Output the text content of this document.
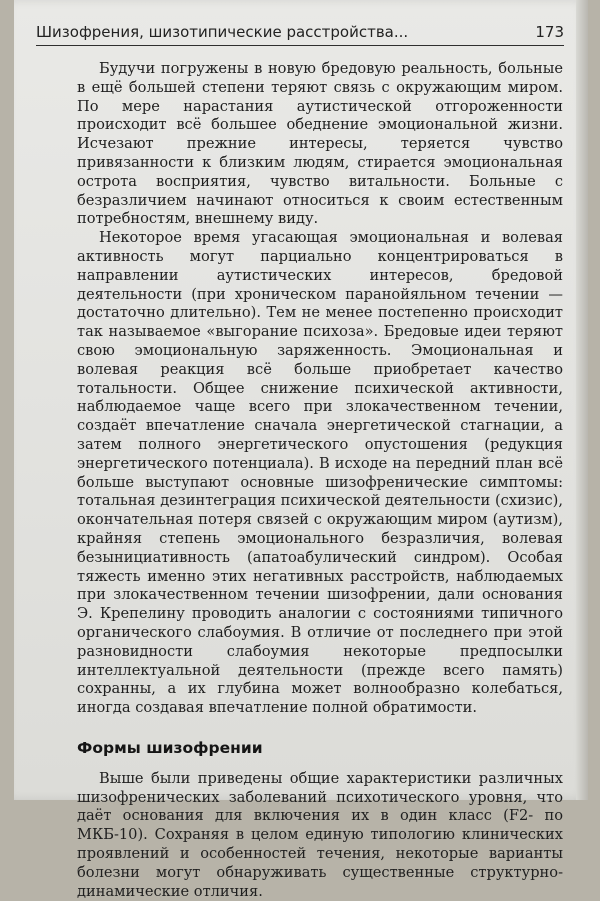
Шизофрения, шизотипические расстройства...	173

Будучи погружены в новую бредовую реальность, больные в ещё большей степени теряют связь с окружающим миром. По мере нарастания аутистической отгороженности происходит всё большее обеднение эмоциональной жизни. Исчезают прежние интересы, теряется чувство привязанности к близким людям, стирается эмоциональная острота восприятия, чувство витальности. Больные с безразличием начинают относиться к своим естественным потребностям, внешнему виду.

Некоторое время угасающая эмоциональная и волевая активность могут парциально концентрироваться в направлении аутистических интересов, бредовой деятельности (при хроническом паранойяльном течении — достаточно длительно). Тем не менее постепенно происходит так называемое «выгорание психоза». Бредовые идеи теряют свою эмоциональную заряженность. Эмоциональная и волевая реакция всё больше приобретает качество тотальности. Общее снижение психической активности, наблюдаемое чаще всего при злокачественном течении, создаёт впечатление сначала энергетической стагнации, а затем полного энергетического опустошения (редукция энергетического потенциала). В исходе на передний план всё больше выступают основные шизофренические симптомы: тотальная дезинтеграция психической деятельности (схизис), окончательная потеря связей с окружающим миром (аутизм), крайняя степень эмоционального безразличия, волевая безынициативность (апатоабулический синдром). Особая тяжесть именно этих негативных расстройств, наблюдаемых при злокачественном течении шизофрении, дали основания Э. Крепелину проводить аналогии с состояниями типичного органического слабоумия. В отличие от последнего при этой разновидности слабоумия некоторые предпосылки интеллектуальной деятельности (прежде всего память) сохранны, а их глубина может волнообразно колебаться, иногда создавая впечатление полной обратимости.

Формы шизофрении

Выше были приведены общие характеристики различных шизофренических заболеваний психотического уровня, что даёт основания для включения их в один класс (F2- по МКБ-10). Сохраняя в целом единую типологию клинических проявлений и особенностей течения, некоторые варианты болезни могут обнаруживать существенные структурно-динамические отличия.
